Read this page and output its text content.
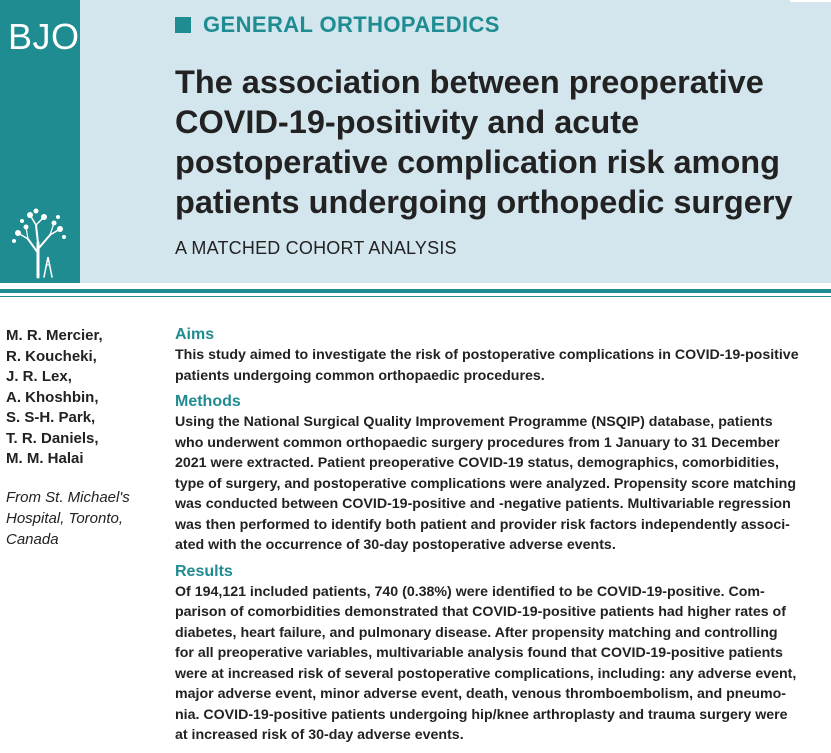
BJO	GENERAL ORTHOPAEDICS
The association between preoperative
COVID-19-positivity and acute
postoperative complication risk among
patients undergoing orthopedic surgery
A MATCHED COHORT ANALYSIS
M. R. Mercier,
R. Koucheki,
J. R. Lex,
A. Khoshbin,
S. S-H. Park,
T. R. Daniels,
M. M. Halai
From St. Michael's
Hospital, Toronto,
Canada
Aims

This study aimed to investigate the risk of postoperative complications in COVID-19-positive
patients undergoing common orthopaedic procedures.

Methods

Using the National Surgical Quality Improvement Programme (NSQIP) database, patients
who underwent common orthopaedic surgery procedures from 1 January to 31 December
2021 were extracted. Patient preoperative COVID-19 status, demographics, comorbidities,
type of surgery, and postoperative complications were analyzed. Propensity score matching
was conducted between COVID-19-positive and -negative patients. Multivariable regression
was then performed to identify both patient and provider risk factors independently associ-
ated with the occurrence of 30-day postoperative adverse events.

Results

Of 194,121 included patients, 740 (0.38%) were identified to be COVID-19-positive. Com-
parison of comorbidities demonstrated that COVID-19-positive patients had higher rates of
diabetes, heart failure, and pulmonary disease. After propensity matching and controlling
for all preoperative variables, multivariable analysis found that COVID-19-positive patients
were at increased risk of several postoperative complications, including: any adverse event,
major adverse event, minor adverse event, death, venous thromboembolism, and pneumo-
nia. COVID-19-positive patients undergoing hip/knee arthroplasty and trauma surgery were
at increased risk of 30-day adverse events.
